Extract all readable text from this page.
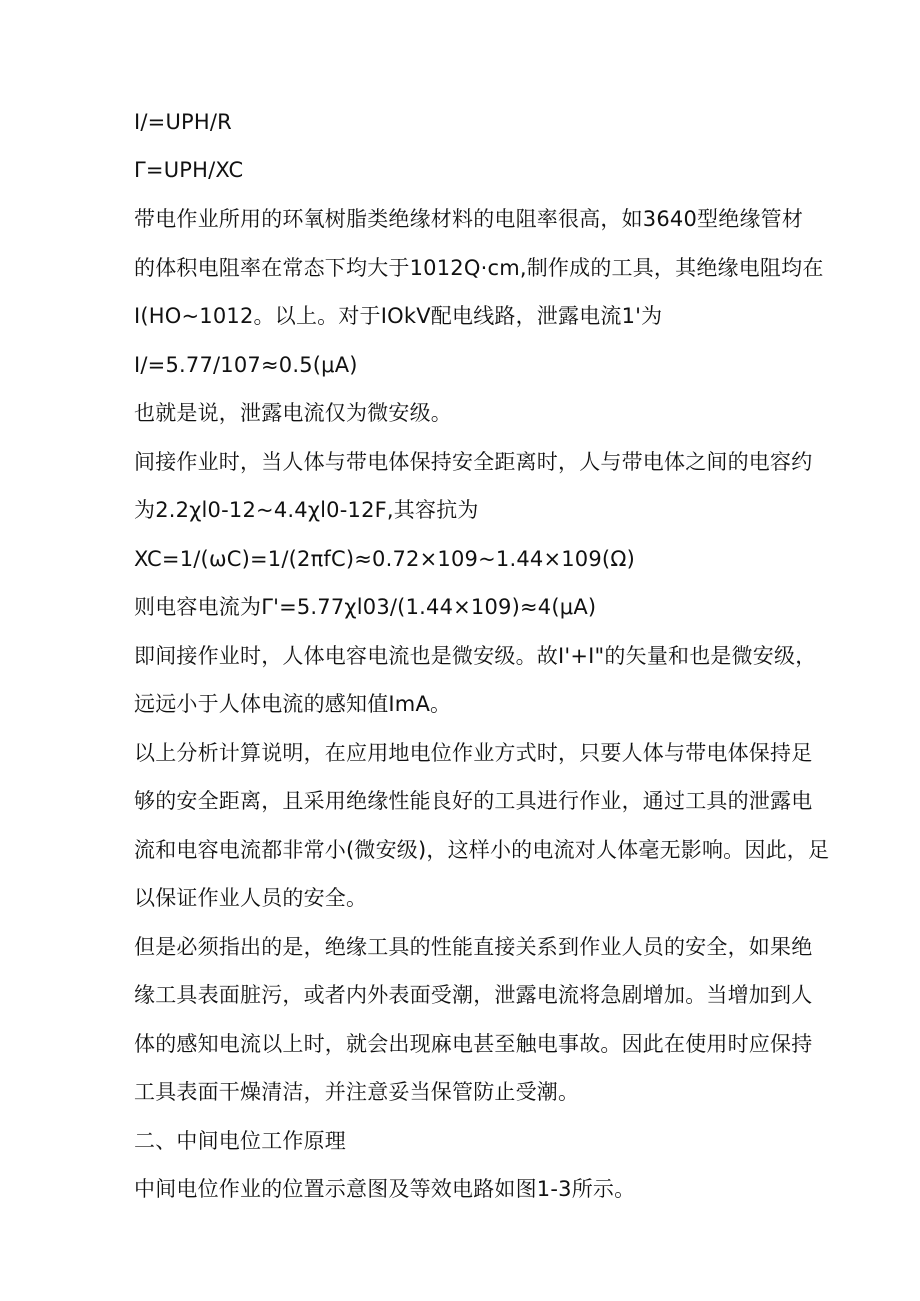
I/=UPH/R
Γ=UPH/XC
带电作业所用的环氧树脂类绝缘材料的电阻率很高，如3640型绝缘管材
的体积电阻率在常态下均大于1012Q·cm,制作成的工具，其绝缘电阻均在
I(HO~1012。以上。对于IOkV配电线路，泄露电流1'为
I/=5.77/107≈0.5(μA)
也就是说，泄露电流仅为微安级。
间接作业时，当人体与带电体保持安全距离时，人与带电体之间的电容约
为2.2χl0-12~4.4χl0-12F,其容抗为
XC=1/(ωC)=1/(2πfC)≈0.72×109~1.44×109(Ω)
则电容电流为Γ'=5.77χl03/(1.44×109)≈4(μA)
即间接作业时，人体电容电流也是微安级。故I'+I"的矢量和也是微安级，
远远小于人体电流的感知值ImA。
以上分析计算说明，在应用地电位作业方式时，只要人体与带电体保持足
够的安全距离，且采用绝缘性能良好的工具进行作业，通过工具的泄露电
流和电容电流都非常小(微安级)，这样小的电流对人体毫无影响。因此，足
以保证作业人员的安全。
但是必须指出的是，绝缘工具的性能直接关系到作业人员的安全，如果绝
缘工具表面脏污，或者内外表面受潮，泄露电流将急剧增加。当增加到人
体的感知电流以上时，就会出现麻电甚至触电事故。因此在使用时应保持
工具表面干燥清洁，并注意妥当保管防止受潮。
二、中间电位工作原理
中间电位作业的位置示意图及等效电路如图1-3所示。
